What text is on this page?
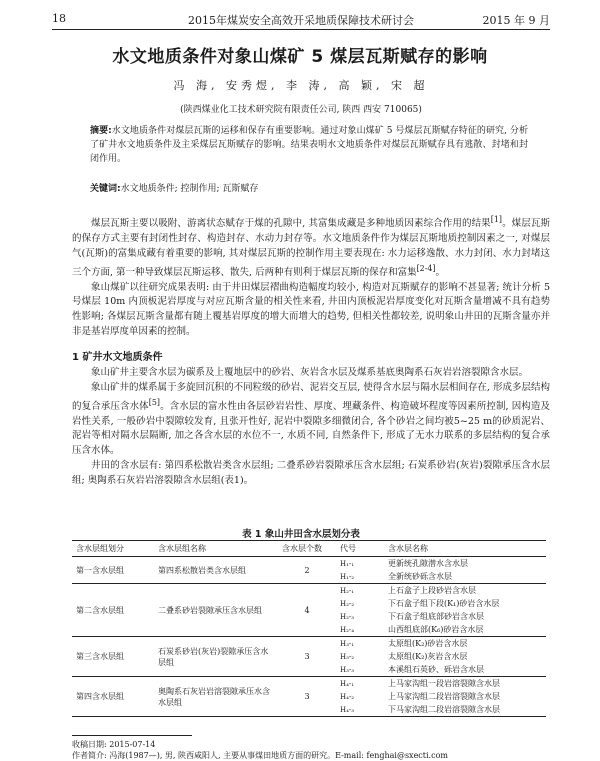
18	2015年煤炭安全高效开采地质保障技术研讨会	2015 年 9 月
水文地质条件对象山煤矿 5 煤层瓦斯赋存的影响
冯 海, 安秀煜, 李 涛, 高 颖, 宋 超
(陕西煤业化工技术研究院有限责任公司, 陕西 西安 710065)
摘要:水文地质条件对煤层瓦斯的运移和保存有重要影响。通过对象山煤矿 5 号煤层瓦斯赋存特征的研究, 分析了矿井水文地质条件及主采煤层瓦斯赋存的影响。结果表明水文地质条件对煤层瓦斯赋存具有逃散、封堵和封闭作用。
关键词:水文地质条件; 控制作用; 瓦斯赋存

煤层瓦斯主要以吸附、游离状态赋存于煤的孔隙中, 其富集成藏是多种地质因素综合作用的结果[1]。煤层瓦斯的保存方式主要有封闭性封存、构造封存、水动力封存等。水文地质条件作为煤层瓦斯地质控制因素之一, 对煤层气(瓦斯)的富集成藏有着重要的影响, 其对煤层瓦斯的控制作用主要表现在: 水力运移逸散、水力封闭、水力封堵这三个方面, 第一种导致煤层瓦斯运移、散失, 后两种有则利于煤层瓦斯的保存和富集[2-4]。

象山煤矿以往研究成果表明: 由于井田煤层褶曲构造幅度均较小, 构造对瓦斯赋存的影响不甚显著; 统计分析 5 号煤层 10m 内顶板泥岩厚度与对应瓦斯含量的相关性来看, 井田内顶板泥岩厚度变化对瓦斯含量增减不具有趋势性影响; 各煤层瓦斯含量都有随上覆基岩厚度的增大而增大的趋势, 但相关性都较差, 说明象山井田的瓦斯含量亦并非是基岩厚度单因素的控制。

1 矿井水文地质条件

象山矿井主要含水层为碳系及上覆地层中的砂岩、灰岩含水层及煤系基底奥陶系石灰岩岩溶裂隙含水层。

象山矿井的煤系属于多旋回沉积的不同粒级的砂岩、泥岩交互层, 使得含水层与隔水层相间存在, 形成多层结构的复合承压含水体[5]。含水层的富水性由各层砂岩岩性、厚度、埋藏条件、构造破坏程度等因素所控制, 因构造及岩性关系, 一般砂岩中裂隙较发育, 且张开性好, 泥岩中裂隙多细微闭合, 各个砂岩之间均被5~25 m的砂质泥岩、泥岩等相对隔水层隔断, 加之各含水层的水位不一, 水质不同, 自然条件下, 形成了无水力联系的多层结构的复合承压含水体。

井田的含水层有: 第四系松散岩类含水层组; 二叠系砂岩裂隙承压含水层组; 石炭系砂岩(灰岩)裂隙承压含水层组; 奥陶系石灰岩岩溶裂隙含水层组(表1)。

表 1 象山井田含水层划分表
含水层组划分	含水层组名称	含水层个数	代号	含水层名称
第一含水层组	第四系松散岩类含水层组	2	H₁-₁	更新统孔隙潜水含水层
			H₁-₂	全新统砂砾含水层
第二含水层组	二叠系砂岩裂隙承压含水层组	4	H₂-₁	上石盒子上段砂岩含水层
			H₂-₂	下石盒子组下段(K₁)砂岩含水层
			H₂-₃	下石盒子组底部砂岩含水层
			H₂-₄	山西组底部(K₆)砂岩含水层
第三含水层组	石炭系砂岩(灰岩)裂隙承压含水层组	3	H₃-₁	太原组(K₂)砂岩含水层
			H₃-₂	太原组(K₂)灰岩含水层
			H₃-₃	本溪组石英砂、砾岩含水层
第四含水层组	奥陶系石灰岩岩溶裂隙承压水含水层组	3	H₄-₁	上马家沟组一段岩溶裂隙含水层
			H₄-₂	上马家沟组二段岩溶裂隙含水层
			H₄-₃	下马家沟组二段岩溶裂隙含水层
收稿日期: 2015-07-14
作者简介: 冯海(1987—), 男, 陕西咸阳人, 主要从事煤田地质方面的研究。E-mail: fenghai@sxecti.com
